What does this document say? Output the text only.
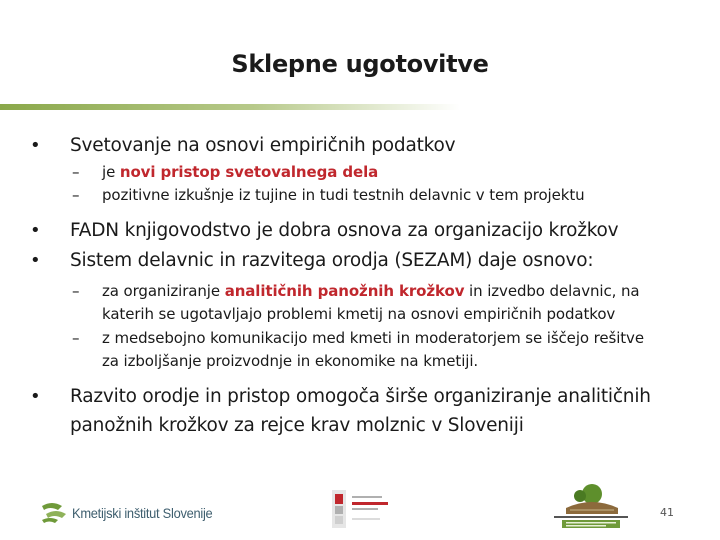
Sklepne ugotovitve
• Svetovanje na osnovi empiričnih podatkov
– je novi pristop svetovalnega dela
– pozitivne izkušnje iz tujine in tudi testnih delavnic v tem projektu
• FADN knjigovodstvo je dobra osnova za organizacijo krožkov
• Sistem delavnic in razvitega orodja (SEZAM) daje osnovo:
– za organiziranje analitičnih panožnih krožkov in izvedbo delavnic, na
katerih se ugotavljajo problemi kmetij na osnovi empiričnih podatkov
– z medsebojno komunikacijo med kmeti in moderatorjem se iščejo rešitve
za izboljšanje proizvodnje in ekonomike na kmetiji.
• Razvito orodje in pristop omogoča širše organiziranje analitičnih
panožnih krožkov za rejce krav molznic v Sloveniji
Kmetijski inštitut Slovenije	41
